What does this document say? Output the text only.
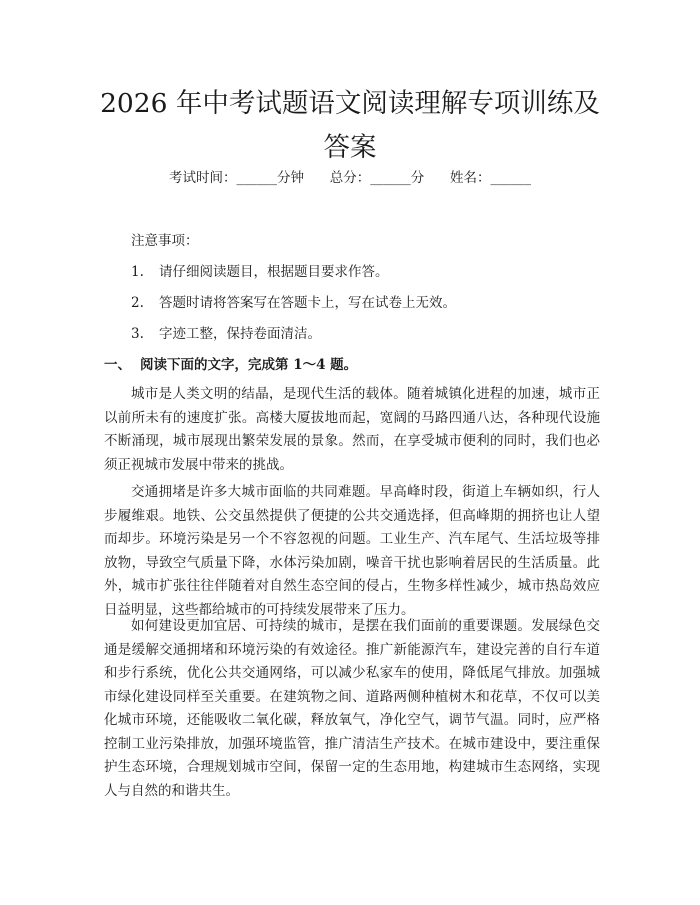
2026 年中考试题语文阅读理解专项训练及答案
考试时间：______分钟      总分：______分      姓名：______
注意事项：
1. 请仔细阅读题目，根据题目要求作答。
2. 答题时请将答案写在答题卡上，写在试卷上无效。
3. 字迹工整，保持卷面清洁。
一、 阅读下面的文字，完成第 1～4 题。

城市是人类文明的结晶，是现代生活的载体。随着城镇化进程的加速，城市正以前所未有的速度扩张。高楼大厦拔地而起，宽阔的马路四通八达，各种现代设施不断涌现，城市展现出繁荣发展的景象。然而，在享受城市便利的同时，我们也必须正视城市发展中带来的挑战。

交通拥堵是许多大城市面临的共同难题。早高峰时段，街道上车辆如织，行人步履维艰。地铁、公交虽然提供了便捷的公共交通选择，但高峰期的拥挤也让人望而却步。环境污染是另一个不容忽视的问题。工业生产、汽车尾气、生活垃圾等排放物，导致空气质量下降，水体污染加剧，噪音干扰也影响着居民的生活质量。此外，城市扩张往往伴随着对自然生态空间的侵占，生物多样性减少，城市热岛效应日益明显，这些都给城市的可持续发展带来了压力。

如何建设更加宜居、可持续的城市，是摆在我们面前的重要课题。发展绿色交通是缓解交通拥堵和环境污染的有效途径。推广新能源汽车，建设完善的自行车道和步行系统，优化公共交通网络，可以减少私家车的使用，降低尾气排放。加强城市绿化建设同样至关重要。在建筑物之间、道路两侧种植树木和花草，不仅可以美化城市环境，还能吸收二氧化碳，释放氧气，净化空气，调节气温。同时，应严格控制工业污染排放，加强环境监管，推广清洁生产技术。在城市建设中，要注重保护生态环境，合理规划城市空间，保留一定的生态用地，构建城市生态网络，实现人与自然的和谐共生。
